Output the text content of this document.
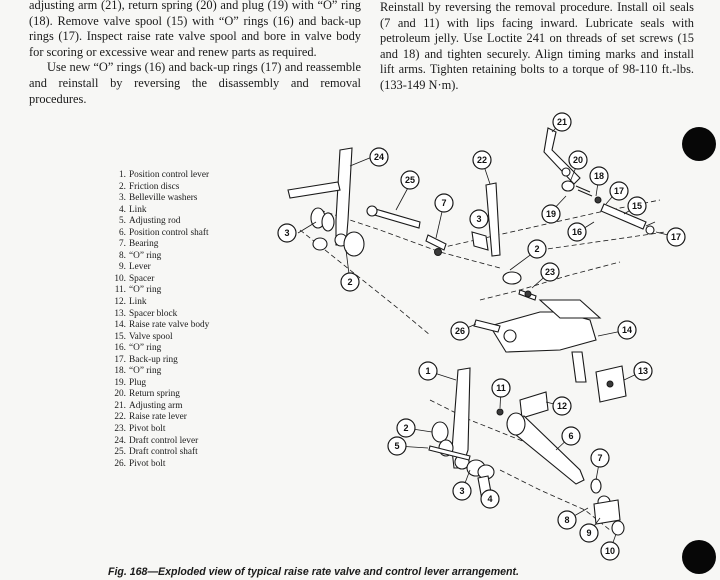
adjusting arm (21), return spring (20) and plug (19) with “O” ring (18). Remove valve spool (15) with “O” rings (16) and back-up rings (17). Inspect raise rate valve spool and bore in valve body for scoring or excessive wear and renew parts as required.

Use new “O” rings (16) and back-up rings (17) and reassemble and reinstall by reversing the disassembly and removal procedures.

Reinstall by reversing the removal procedure. Install oil seals (7 and 11) with lips facing inward. Lubricate seals with petroleum jelly. Use Loctite 241 on threads of set screws (15 and 18) and tighten securely. Align timing marks and install lift arms. Tighten retaining bolts to a torque of 98-110 ft.-lbs. (133-149 N·m).

1. Position control lever
2. Friction discs
3. Belleville washers
4. Link
5. Adjusting rod
6. Position control shaft
7. Bearing
8. “O” ring
9. Lever
10. Spacer
11. “O” ring
12. Link
13. Spacer block
14. Raise rate valve body
15. Valve spool
16. “O” ring
17. Back-up ring
18. “O” ring
19. Plug
20. Return spring
21. Adjusting arm
22. Raise rate lever
23. Pivot bolt
24. Draft control lever
25. Draft control shaft
26. Pivot bolt
21
24	22	20
18
17
25
19
15
7
3	16
3
17
2
23
2
26	14
1	13
11
12
2
6
5
7
3
4
8
9
10
Fig. 168—Exploded view of typical raise rate valve and control lever arrangement.
